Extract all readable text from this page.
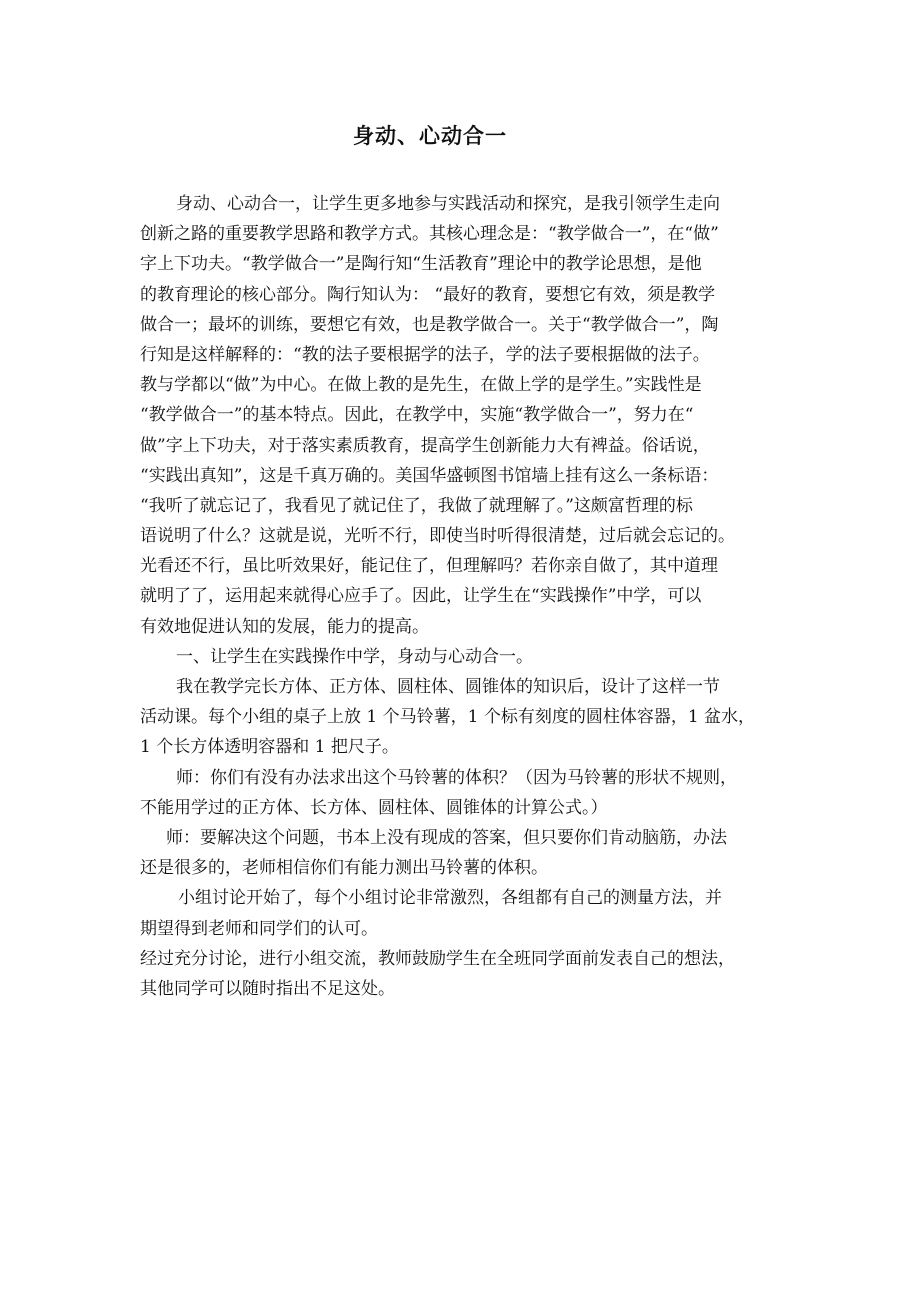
身动、心动合一
身动、心动合一，让学生更多地参与实践活动和探究，是我引领学生走向
创新之路的重要教学思路和教学方式。其核心理念是：“教学做合一”，在“做”
字上下功夫。“教学做合一”是陶行知“生活教育”理论中的教学论思想，是他
的教育理论的核心部分。陶行知认为： “最好的教育，要想它有效，须是教学
做合一；最坏的训练，要想它有效，也是教学做合一。关于“教学做合一”，陶
行知是这样解释的：“教的法子要根据学的法子，学的法子要根据做的法子。
教与学都以“做”为中心。在做上教的是先生，在做上学的是学生。”实践性是
“教学做合一”的基本特点。因此，在教学中，实施“教学做合一”，努力在“
做”字上下功夫，对于落实素质教育，提高学生创新能力大有裨益。俗话说，
“实践出真知”，这是千真万确的。美国华盛顿图书馆墙上挂有这么一条标语：
“我听了就忘记了，我看见了就记住了，我做了就理解了。”这颇富哲理的标
语说明了什么？这就是说，光听不行，即使当时听得很清楚，过后就会忘记的。
光看还不行，虽比听效果好，能记住了，但理解吗？若你亲自做了，其中道理
就明了了，运用起来就得心应手了。因此，让学生在“实践操作”中学，可以
有效地促进认知的发展，能力的提高。
一、让学生在实践操作中学，身动与心动合一。
我在教学完长方体、正方体、圆柱体、圆锥体的知识后，设计了这样一节
活动课。每个小组的桌子上放 1 个马铃薯，1 个标有刻度的圆柱体容器，1 盆水，
1 个长方体透明容器和 1 把尺子。
师：你们有没有办法求出这个马铃薯的体积？（因为马铃薯的形状不规则，
不能用学过的正方体、长方体、圆柱体、圆锥体的计算公式。）
师：要解决这个问题，书本上没有现成的答案，但只要你们肯动脑筋，办法
还是很多的，老师相信你们有能力测出马铃薯的体积。
小组讨论开始了，每个小组讨论非常激烈，各组都有自己的测量方法，并
期望得到老师和同学们的认可。
经过充分讨论，进行小组交流，教师鼓励学生在全班同学面前发表自己的想法，
其他同学可以随时指出不足这处。
